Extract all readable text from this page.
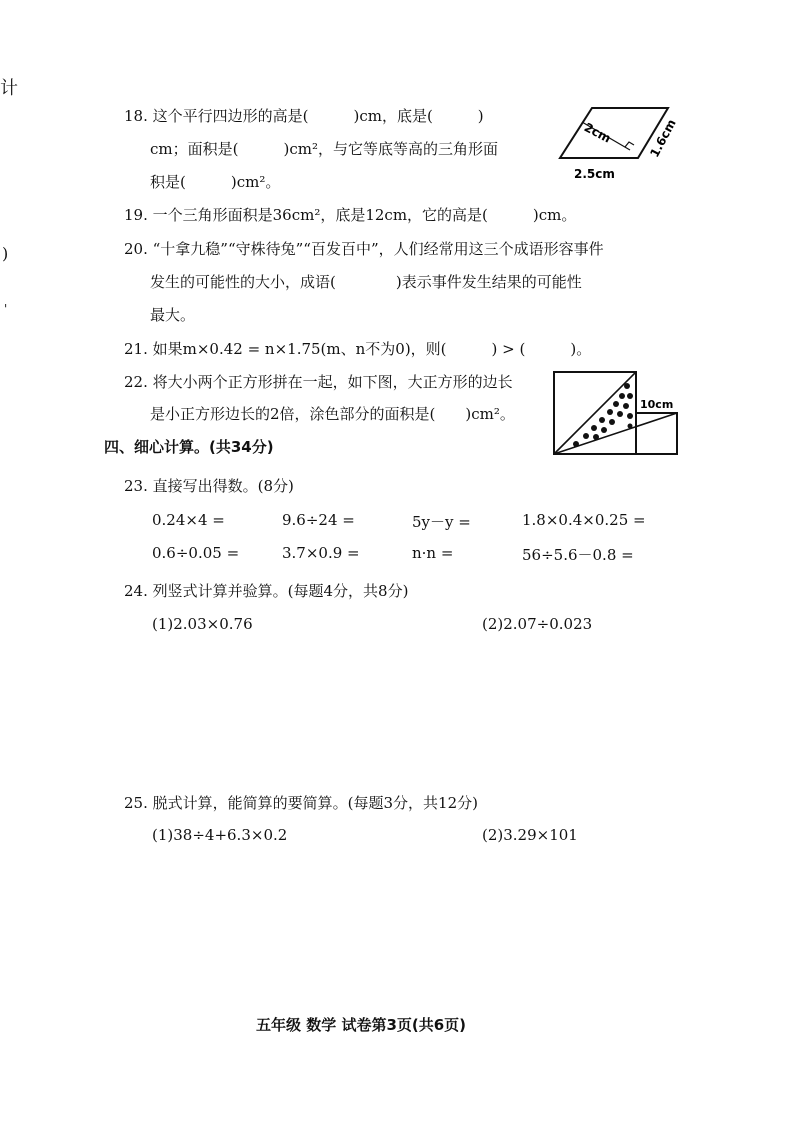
计
)
'
18. 这个平行四边形的高是(　　　)cm，底是(　　　)
cm；面积是(　　　)cm²，与它等底等高的三角形面
积是(　　　)cm²。
2cm	1.6cm
2.5cm
19. 一个三角形面积是36cm²，底是12cm，它的高是(　　　)cm。
20. “十拿九稳”“守株待兔”“百发百中”，人们经常用这三个成语形容事件
发生的可能性的大小，成语(　　　　)表示事件发生结果的可能性
最大。
21. 如果m×0.42 = n×1.75(m、n不为0)，则(　　　) > (　　　)。
22. 将大小两个正方形拼在一起，如下图，大正方形的边长
是小正方形边长的2倍，涂色部分的面积是(　　)cm²。
10cm
四、细心计算。(共34分)
23. 直接写出得数。(8分)
0.24×4 =	9.6÷24 =	5y－y =	1.8×0.4×0.25 =
0.6÷0.05 =	3.7×0.9 =	n·n =	56÷5.6－0.8 =
24. 列竖式计算并验算。(每题4分，共8分)
(1)2.03×0.76	(2)2.07÷0.023
25. 脱式计算，能简算的要简算。(每题3分，共12分)
(1)38÷4+6.3×0.2	(2)3.29×101
五年级 数学 试卷第3页(共6页)
